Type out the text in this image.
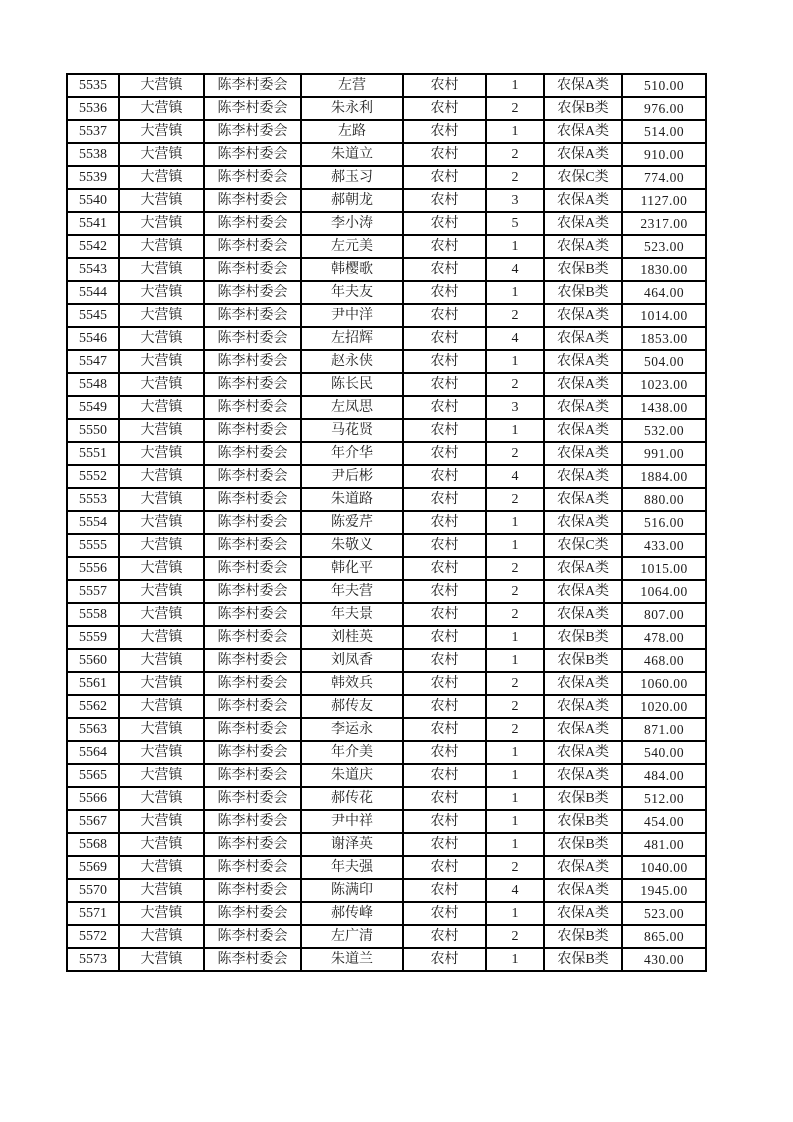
5535	大营镇	陈李村委会	左营	农村	1	农保A类	510.00
5536	大营镇	陈李村委会	朱永利	农村	2	农保B类	976.00
5537	大营镇	陈李村委会	左路	农村	1	农保A类	514.00
5538	大营镇	陈李村委会	朱道立	农村	2	农保A类	910.00
5539	大营镇	陈李村委会	郝玉习	农村	2	农保C类	774.00
5540	大营镇	陈李村委会	郝朝龙	农村	3	农保A类	1127.00
5541	大营镇	陈李村委会	李小涛	农村	5	农保A类	2317.00
5542	大营镇	陈李村委会	左元美	农村	1	农保A类	523.00
5543	大营镇	陈李村委会	韩樱歌	农村	4	农保B类	1830.00
5544	大营镇	陈李村委会	年夫友	农村	1	农保B类	464.00
5545	大营镇	陈李村委会	尹中洋	农村	2	农保A类	1014.00
5546	大营镇	陈李村委会	左招辉	农村	4	农保A类	1853.00
5547	大营镇	陈李村委会	赵永侠	农村	1	农保A类	504.00
5548	大营镇	陈李村委会	陈长民	农村	2	农保A类	1023.00
5549	大营镇	陈李村委会	左凤思	农村	3	农保A类	1438.00
5550	大营镇	陈李村委会	马花贤	农村	1	农保A类	532.00
5551	大营镇	陈李村委会	年介华	农村	2	农保A类	991.00
5552	大营镇	陈李村委会	尹后彬	农村	4	农保A类	1884.00
5553	大营镇	陈李村委会	朱道路	农村	2	农保A类	880.00
5554	大营镇	陈李村委会	陈爱芹	农村	1	农保A类	516.00
5555	大营镇	陈李村委会	朱敬义	农村	1	农保C类	433.00
5556	大营镇	陈李村委会	韩化平	农村	2	农保A类	1015.00
5557	大营镇	陈李村委会	年夫营	农村	2	农保A类	1064.00
5558	大营镇	陈李村委会	年夫景	农村	2	农保A类	807.00
5559	大营镇	陈李村委会	刘桂英	农村	1	农保B类	478.00
5560	大营镇	陈李村委会	刘凤香	农村	1	农保B类	468.00
5561	大营镇	陈李村委会	韩效兵	农村	2	农保A类	1060.00
5562	大营镇	陈李村委会	郝传友	农村	2	农保A类	1020.00
5563	大营镇	陈李村委会	李运永	农村	2	农保A类	871.00
5564	大营镇	陈李村委会	年介美	农村	1	农保A类	540.00
5565	大营镇	陈李村委会	朱道庆	农村	1	农保A类	484.00
5566	大营镇	陈李村委会	郝传花	农村	1	农保B类	512.00
5567	大营镇	陈李村委会	尹中祥	农村	1	农保B类	454.00
5568	大营镇	陈李村委会	谢泽英	农村	1	农保B类	481.00
5569	大营镇	陈李村委会	年夫强	农村	2	农保A类	1040.00
5570	大营镇	陈李村委会	陈满印	农村	4	农保A类	1945.00
5571	大营镇	陈李村委会	郝传峰	农村	1	农保A类	523.00
5572	大营镇	陈李村委会	左广清	农村	2	农保B类	865.00
5573	大营镇	陈李村委会	朱道兰	农村	1	农保B类	430.00
